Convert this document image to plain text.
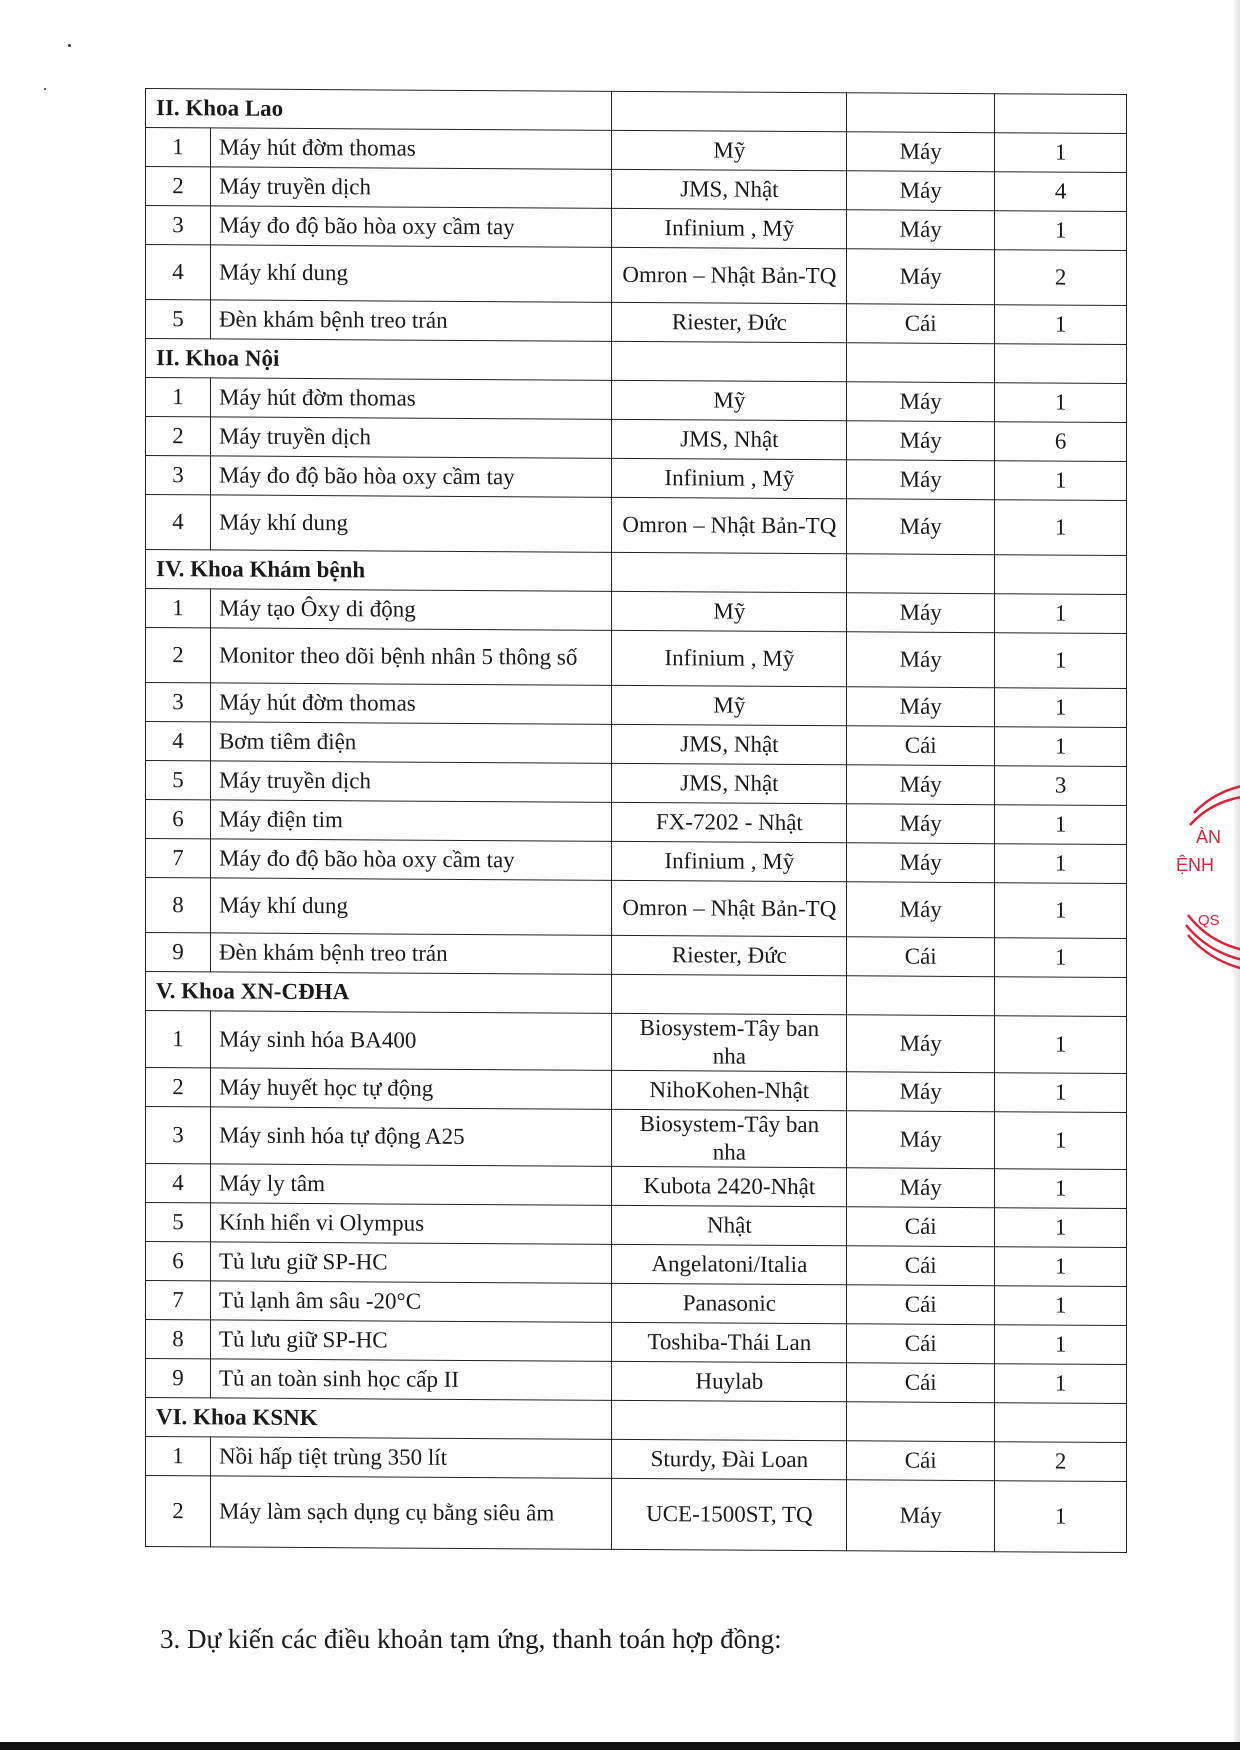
II. Khoa Lao				
1	Máy hút đờm thomas	Mỹ	Máy	1
2	Máy truyền dịch	JMS, Nhật	Máy	4
3	Máy đo độ bão hòa oxy cầm tay	Infinium , Mỹ	Máy	1
4	Máy khí dung	Omron – Nhật Bản-TQ	Máy	2
5	Đèn khám bệnh treo trán	Riester, Đức	Cái	1
II. Khoa Nội				
1	Máy hút đờm thomas	Mỹ	Máy	1
2	Máy truyền dịch	JMS, Nhật	Máy	6
3	Máy đo độ bão hòa oxy cầm tay	Infinium , Mỹ	Máy	1
4	Máy khí dung	Omron – Nhật Bản-TQ	Máy	1
IV. Khoa Khám bệnh				
1	Máy tạo Ôxy di động	Mỹ	Máy	1
2	Monitor theo dõi bệnh nhân 5 thông số	Infinium , Mỹ	Máy	1
3	Máy hút đờm thomas	Mỹ	Máy	1
4	Bơm tiêm điện	JMS, Nhật	Cái	1
5	Máy truyền dịch	JMS, Nhật	Máy	3
6	Máy điện tim	FX-7202 - Nhật	Máy	1
7	Máy đo độ bão hòa oxy cầm tay	Infinium , Mỹ	Máy	1
8	Máy khí dung	Omron – Nhật Bản-TQ	Máy	1
9	Đèn khám bệnh treo trán	Riester, Đức	Cái	1
V. Khoa XN-CĐHA				
1	Máy sinh hóa BA400	Biosystem-Tây ban nha	Máy	1
2	Máy huyết học tự động	NihoKohen-Nhật	Máy	1
3	Máy sinh hóa tự động A25	Biosystem-Tây ban nha	Máy	1
4	Máy ly tâm	Kubota 2420-Nhật	Máy	1
5	Kính hiển vi Olympus	Nhật	Cái	1
6	Tủ lưu giữ SP-HC	Angelatoni/Italia	Cái	1
7	Tủ lạnh âm sâu -20°C	Panasonic	Cái	1
8	Tủ lưu giữ SP-HC	Toshiba-Thái Lan	Cái	1
9	Tủ an toàn sinh học cấp II	Huylab	Cái	1
VI. Khoa KSNK				
1	Nồi hấp tiệt trùng 350 lít	Sturdy, Đài Loan	Cái	2
2	Máy làm sạch dụng cụ bằng siêu âm	UCE-1500ST, TQ	Máy	1
3. Dự kiến các điều khoản tạm ứng, thanh toán hợp đồng:
ÀN
ỆNH
QS
